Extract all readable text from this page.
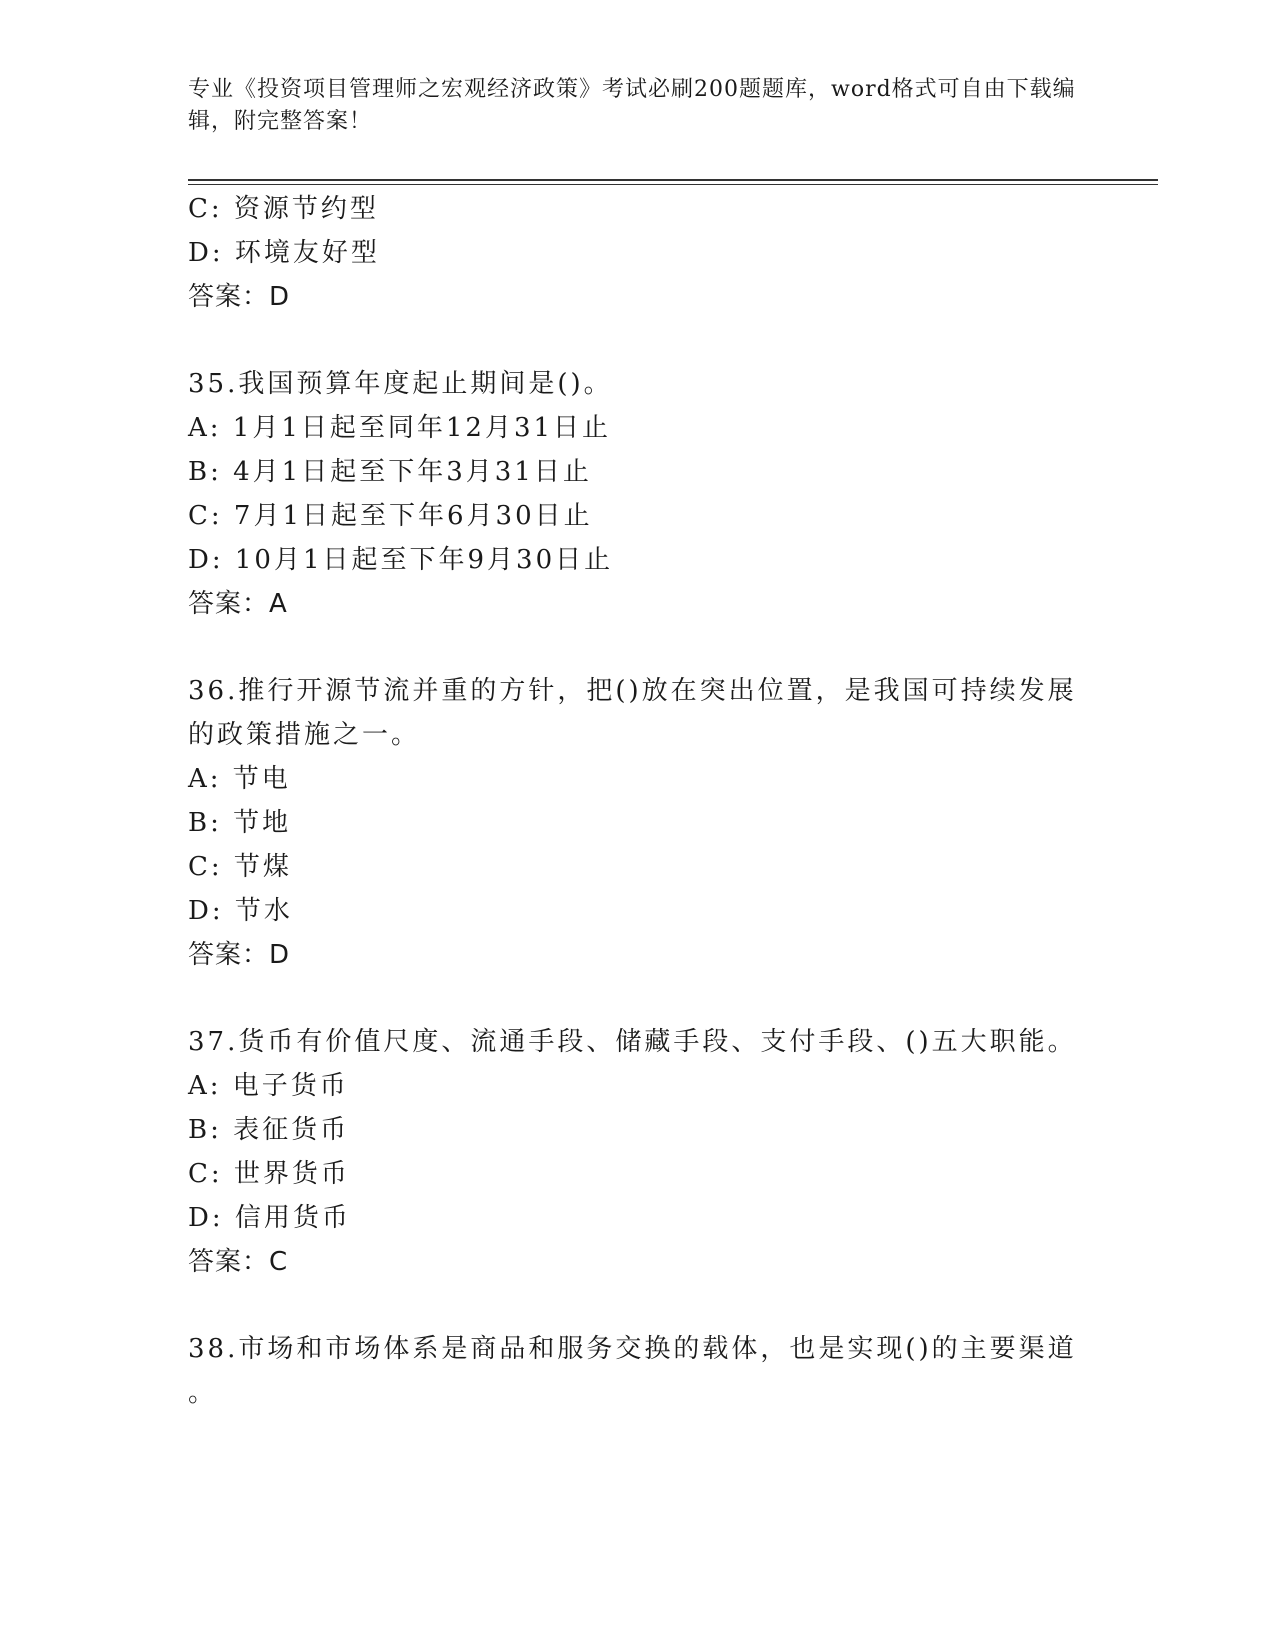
专业《投资项目管理师之宏观经济政策》考试必刷200题题库，word格式可自由下载编辑，附完整答案！
C: 资源节约型
D: 环境友好型
答案：D
35.我国预算年度起止期间是()。
A: 1月1日起至同年12月31日止
B: 4月1日起至下年3月31日止
C: 7月1日起至下年6月30日止
D: 10月1日起至下年9月30日止
答案：A
36.推行开源节流并重的方针，把()放在突出位置，是我国可持续发展
的政策措施之一。
A: 节电
B: 节地
C: 节煤
D: 节水
答案：D
37.货币有价值尺度、流通手段、储藏手段、支付手段、()五大职能。
A: 电子货币
B: 表征货币
C: 世界货币
D: 信用货币
答案：C
38.市场和市场体系是商品和服务交换的载体，也是实现()的主要渠道
。
